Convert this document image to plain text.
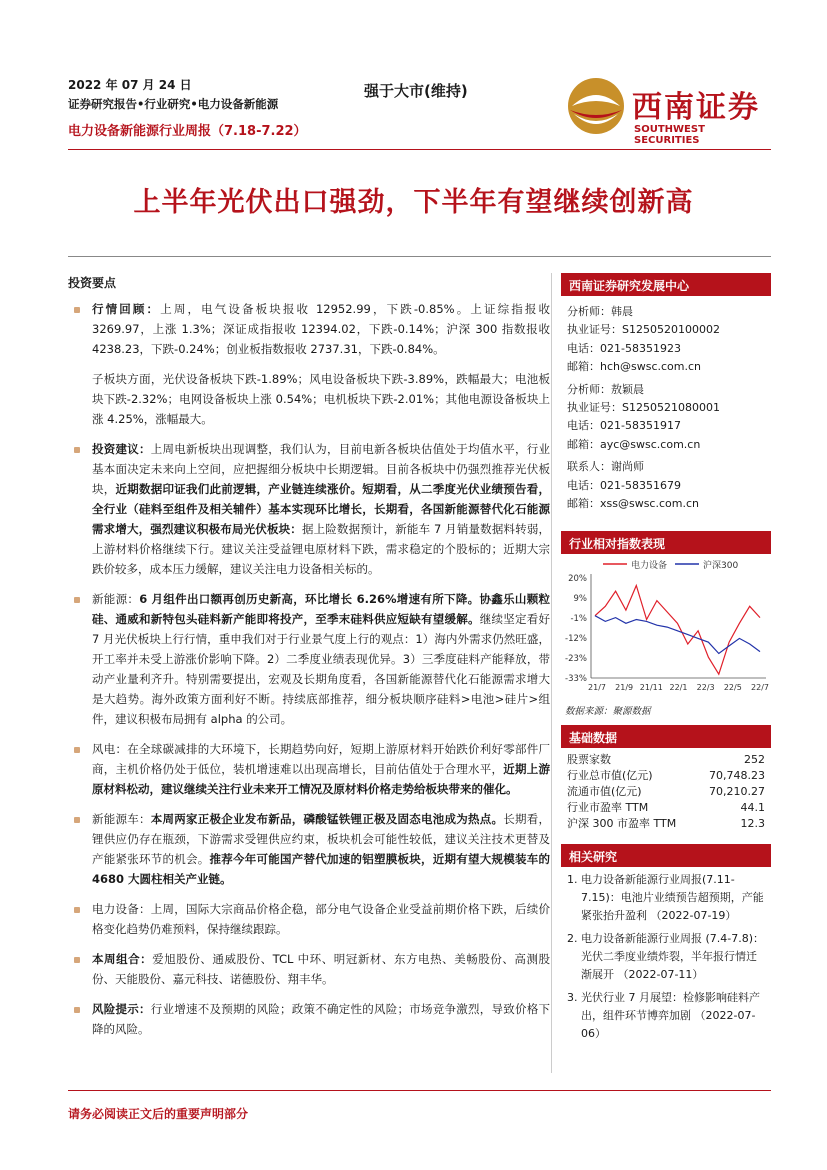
2022 年 07 月 24 日
证券研究报告•行业研究•电力设备新能源
电力设备新能源行业周报（7.18-7.22）
强于大市(维持)	西南证券
SOUTHWEST SECURITIES
上半年光伏出口强劲，下半年有望继续创新高
投资要点

行情回顾：上周，电气设备板块报收 12952.99，下跌-0.85%。上证综指报收 3269.97，上涨 1.3%；深证成指报收 12394.02，下跌-0.14%；沪深 300 指数报收 4238.23，下跌-0.24%；创业板指数报收 2737.31，下跌-0.84%。

子板块方面，光伏设备板块下跌-1.89%；风电设备板块下跌-3.89%，跌幅最大；电池板块下跌-2.32%；电网设备板块上涨 0.54%；电机板块下跌-2.01%；其他电源设备板块上涨 4.25%，涨幅最大。

投资建议：上周电新板块出现调整，我们认为，目前电新各板块估值处于均值水平，行业基本面决定未来向上空间，应把握细分板块中长期逻辑。目前各板块中仍强烈推荐光伏板块，近期数据印证我们此前逻辑，产业链连续涨价。短期看，从二季度光伏业绩预告看，全行业（硅料至组件及相关辅件）基本实现环比增长，长期看，各国新能源替代化石能源需求增大，强烈建议积极布局光伏板块：据上险数据预计，新能车 7 月销量数据料转弱，上游材料价格继续下行。建议关注受益锂电原材料下跌，需求稳定的个股标的；近期大宗跌价较多，成本压力缓解，建议关注电力设备相关标的。

新能源：6 月组件出口额再创历史新高，环比增长 6.26%增速有所下降。协鑫乐山颗粒硅、通威和新特包头硅料新产能即将投产，至季末硅料供应短缺有望缓解。继续坚定看好 7 月光伏板块上行行情，重申我们对于行业景气度上行的观点：1）海内外需求仍然旺盛，开工率并未受上游涨价影响下降。2）二季度业绩表现优异。3）三季度硅料产能释放，带动产业量利齐升。特别需要提出，宏观及长期角度看，各国新能源替代化石能源需求增大是大趋势。海外政策方面利好不断。持续底部推荐，细分板块顺序硅料>电池>硅片>组件，建议积极布局拥有 alpha 的公司。

风电：在全球碳减排的大环境下，长期趋势向好，短期上游原材料开始跌价利好零部件厂商，主机价格仍处于低位，装机增速难以出现高增长，目前估值处于合理水平，近期上游原材料松动，建议继续关注行业未来开工情况及原材料价格走势给板块带来的催化。

新能源车：本周两家正极企业发布新品，磷酸锰铁锂正极及固态电池成为热点。长期看，锂供应仍存在瓶颈，下游需求受锂供应约束，板块机会可能性较低，建议关注技术更替及产能紧张环节的机会。推荐今年可能国产替代加速的铝塑膜板块，近期有望大规模装车的 4680 大圆柱相关产业链。

电力设备：上周，国际大宗商品价格企稳，部分电气设备企业受益前期价格下跌，后续价格变化趋势仍难预料，保持继续跟踪。

本周组合：爱旭股份、通威股份、TCL 中环、明冠新材、东方电热、美畅股份、高测股份、天能股份、嘉元科技、诺德股份、翔丰华。

风险提示：行业增速不及预期的风险；政策不确定性的风险；市场竞争激烈，导致价格下降的风险。

西南证券研究发展中心
分析师：韩晨
执业证号：S1250520100002
电话：021-58351923
邮箱：hch@swsc.com.cn
分析师：敖颖晨
执业证号：S1250521080001
电话：021-58351917
邮箱：ayc@swsc.com.cn
联系人：谢尚师
电话：021-58351679
邮箱：xss@swsc.com.cn
行业相对指数表现
电力设备	沪深300
20%
9%
-1%
-12%
-23%
-33%
21/7 21/9 21/11 22/1 22/3 22/5 22/7
数据来源：聚源数据
基础数据
股票家数	252
行业总市值(亿元)	70,748.23
流通市值(亿元)	70,210.27
行业市盈率 TTM	44.1
沪深 300 市盈率 TTM	12.3
相关研究
1. 电力设备新能源行业周报(7.11-7.15)：电池片业绩预告超预期，产能紧张抬升盈利 （2022-07-19）
2. 电力设备新能源行业周报 (7.4-7.8)：光伏二季度业绩炸裂，半年报行情迁渐展开 （2022-07-11）
3. 光伏行业 7 月展望：检修影响硅料产出，组件环节博弈加剧 （2022-07-06）
请务必阅读正文后的重要声明部分
